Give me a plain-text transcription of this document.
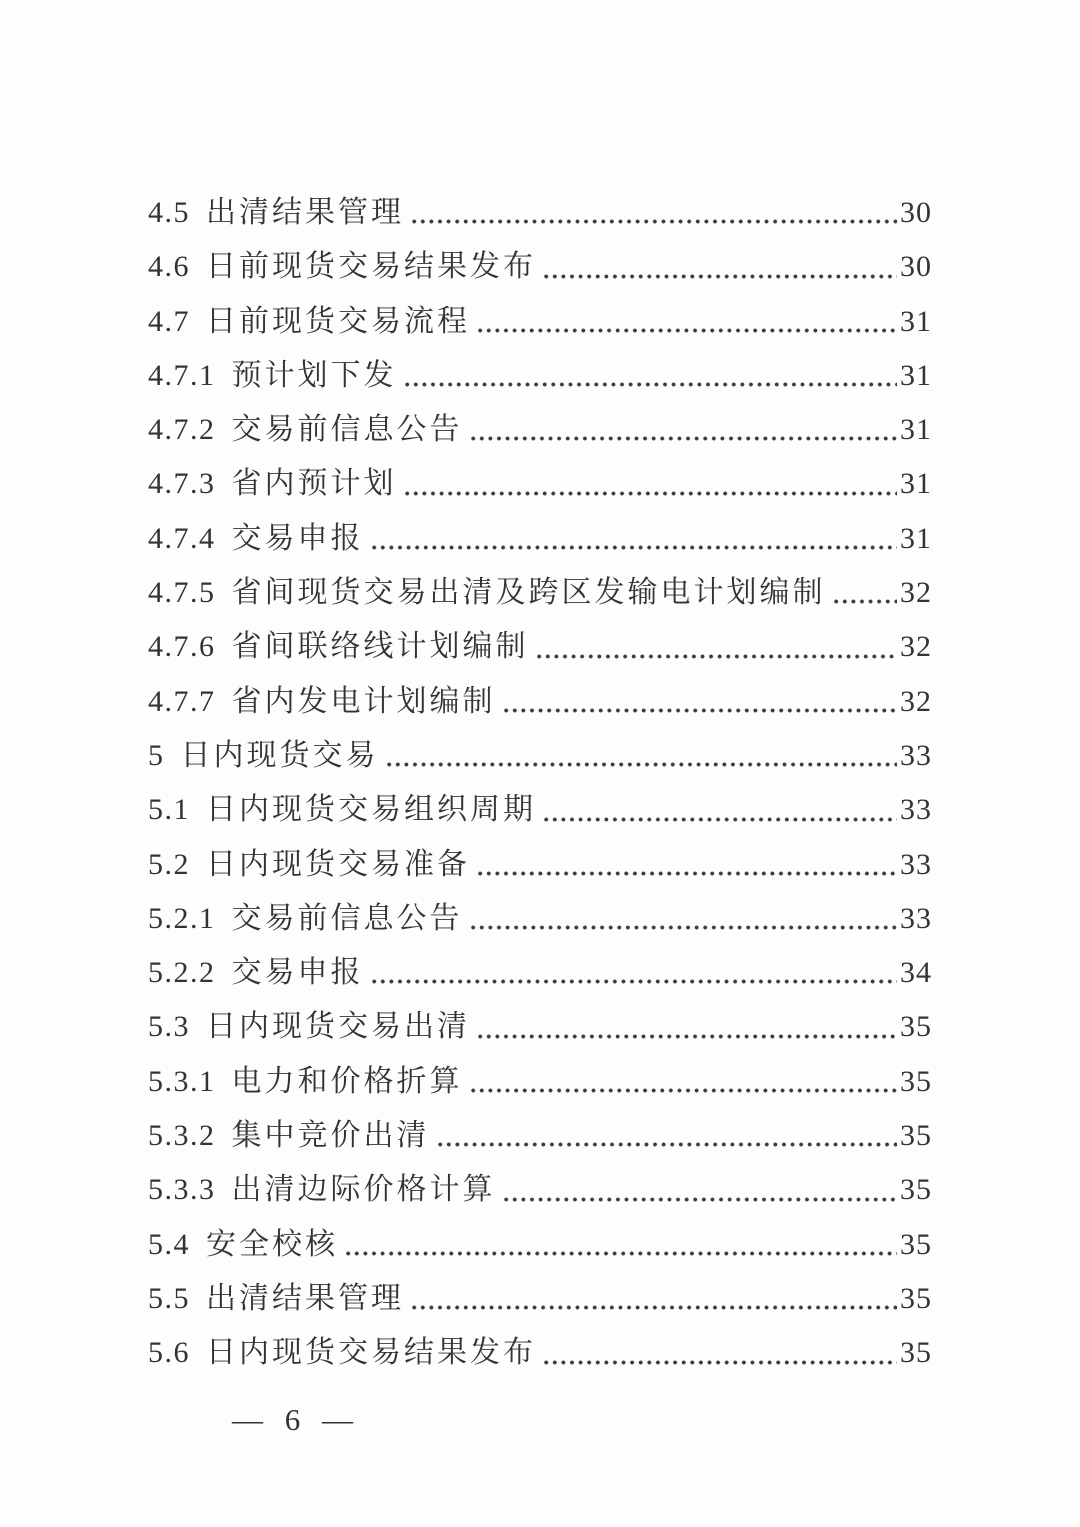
4.5 出清结果管理	30
4.6 日前现货交易结果发布	30
4.7 日前现货交易流程	31
4.7.1 预计划下发	31
4.7.2 交易前信息公告	31
4.7.3 省内预计划	31
4.7.4 交易申报	31
4.7.5 省间现货交易出清及跨区发输电计划编制 32
4.7.6 省间联络线计划编制	32
4.7.7 省内发电计划编制	32
5 日内现货交易	33
5.1 日内现货交易组织周期	33
5.2 日内现货交易准备	33
5.2.1 交易前信息公告	33
5.2.2 交易申报	34
5.3 日内现货交易出清	35
5.3.1 电力和价格折算	35
5.3.2 集中竞价出清	35
5.3.3 出清边际价格计算	35
5.4 安全校核	35
5.5 出清结果管理	35
5.6 日内现货交易结果发布	35

— 6 —
